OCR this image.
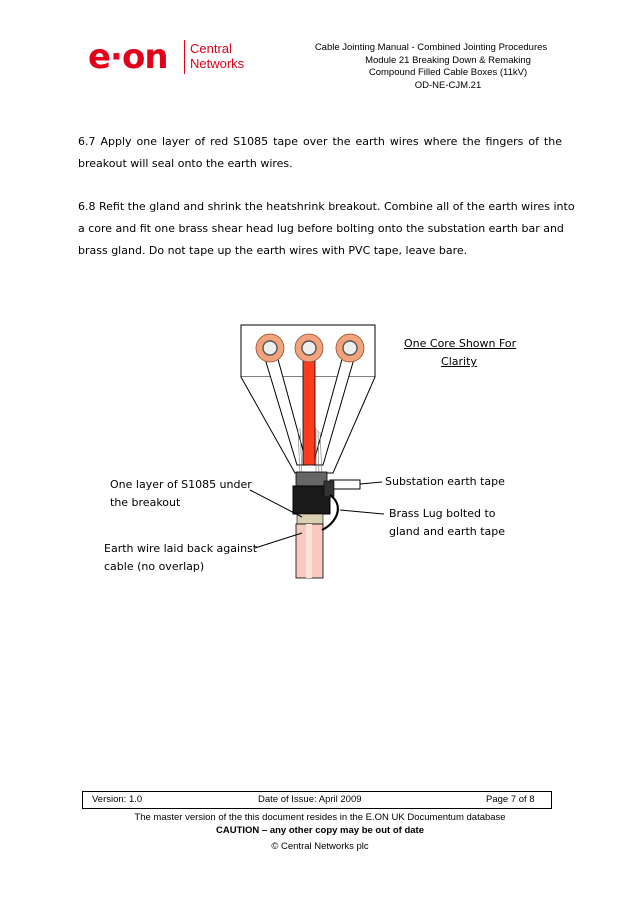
e·on Central
Networks
Cable Jointing Manual - Combined Jointing Procedures
Module 21 Breaking Down & Remaking
Compound Filled Cable Boxes (11kV)
OD-NE-CJM.21
6.7 Apply one layer of red S1085 tape over the earth wires where the fingers of the
breakout will seal onto the earth wires.
6.8 Refit the gland and shrink the heatshrink breakout. Combine all of the earth wires into
a core and fit one brass shear head lug before bolting onto the substation earth bar and
brass gland. Do not tape up the earth wires with PVC tape, leave bare.
One Core Shown For
Clarity
One layer of S1085 under
the breakout
Substation earth tape
Brass Lug bolted to
gland and earth tape
Earth wire laid back against
cable (no overlap)
Version: 1.0	Date of Issue: April 2009	Page 7 of 8
The master version of the this document resides in the E.ON UK Documentum database
CAUTION – any other copy may be out of date
© Central Networks plc
